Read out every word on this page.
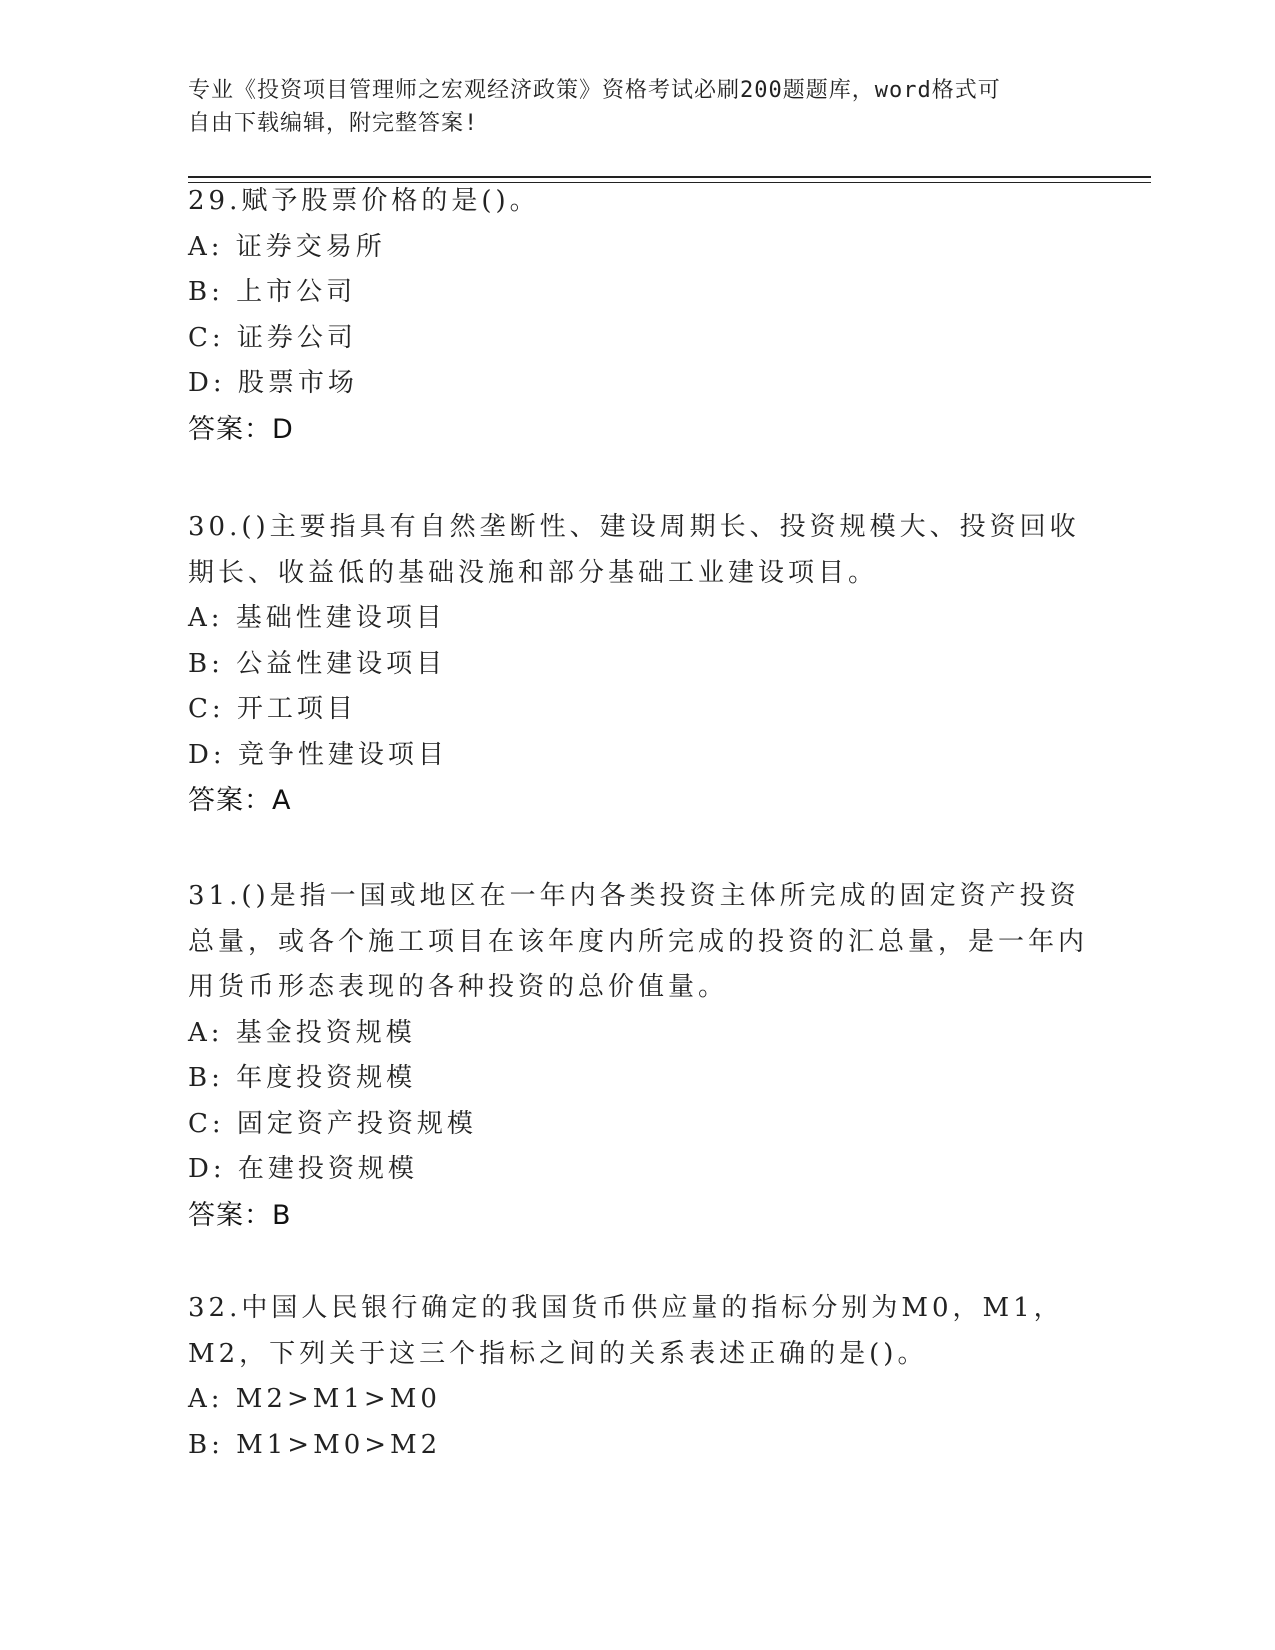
专业《投资项目管理师之宏观经济政策》资格考试必刷200题题库，word格式可
自由下载编辑，附完整答案!
29.赋予股票价格的是()。
A: 证券交易所
B: 上市公司
C: 证券公司
D: 股票市场
答案：D
30.()主要指具有自然垄断性、建设周期长、投资规模大、投资回收期长、收益低的基础没施和部分基础工业建设项目。
A: 基础性建设项目
B: 公益性建设项目
C: 开工项目
D: 竞争性建设项目
答案：A
31.()是指一国或地区在一年内各类投资主体所完成的固定资产投资总量，或各个施工项目在该年度内所完成的投资的汇总量，是一年内用货币形态表现的各种投资的总价值量。
A: 基金投资规模
B: 年度投资规模
C: 固定资产投资规模
D: 在建投资规模
答案：B
32.中国人民银行确定的我国货币供应量的指标分别为M0，M1，M2，下列关于这三个指标之间的关系表述正确的是()。
A: M2>M1>M0
B: M1>M0>M2
